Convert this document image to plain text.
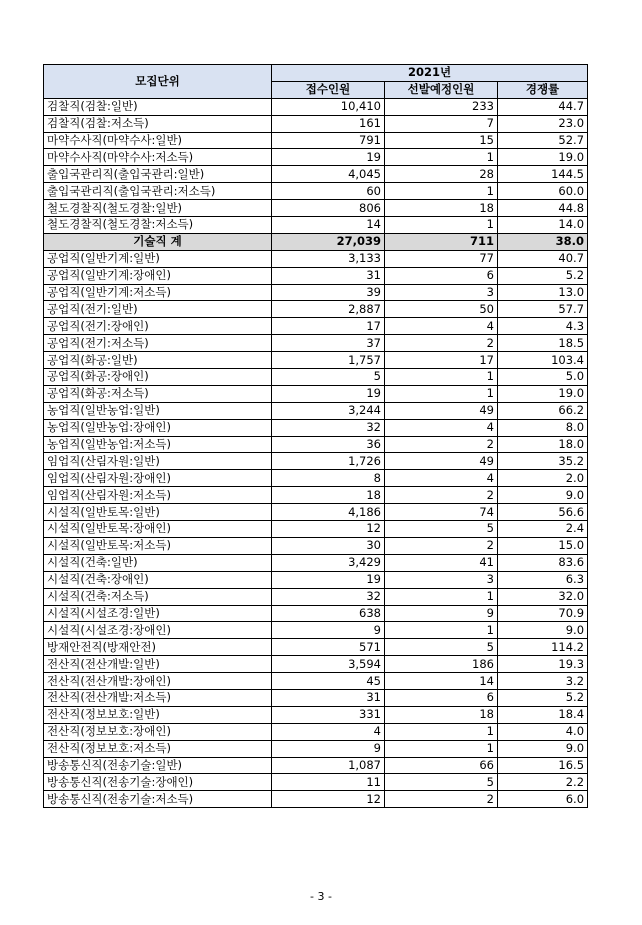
모집단위	2021년		
	접수인원	선발예정인원	경쟁률
검찰직(검찰:일반)	10,410	233	44.7
검찰직(검찰:저소득)	161	7	23.0
마약수사직(마약수사:일반)	791	15	52.7
마약수사직(마약수사:저소득)	19	1	19.0
출입국관리직(출입국관리:일반)	4,045	28	144.5
출입국관리직(출입국관리:저소득)	60	1	60.0
철도경찰직(철도경찰:일반)	806	18	44.8
철도경찰직(철도경찰:저소득)	14	1	14.0
기술직 계	27,039	711	38.0
공업직(일반기계:일반)	3,133	77	40.7
공업직(일반기계:장애인)	31	6	5.2
공업직(일반기계:저소득)	39	3	13.0
공업직(전기:일반)	2,887	50	57.7
공업직(전기:장애인)	17	4	4.3
공업직(전기:저소득)	37	2	18.5
공업직(화공:일반)	1,757	17	103.4
공업직(화공:장애인)	5	1	5.0
공업직(화공:저소득)	19	1	19.0
농업직(일반농업:일반)	3,244	49	66.2
농업직(일반농업:장애인)	32	4	8.0
농업직(일반농업:저소득)	36	2	18.0
임업직(산림자원:일반)	1,726	49	35.2
임업직(산림자원:장애인)	8	4	2.0
임업직(산림자원:저소득)	18	2	9.0
시설직(일반토목:일반)	4,186	74	56.6
시설직(일반토목:장애인)	12	5	2.4
시설직(일반토목:저소득)	30	2	15.0
시설직(건축:일반)	3,429	41	83.6
시설직(건축:장애인)	19	3	6.3
시설직(건축:저소득)	32	1	32.0
시설직(시설조경:일반)	638	9	70.9
시설직(시설조경:장애인)	9	1	9.0
방재안전직(방재안전)	571	5	114.2
전산직(전산개발:일반)	3,594	186	19.3
전산직(전산개발:장애인)	45	14	3.2
전산직(전산개발:저소득)	31	6	5.2
전산직(정보보호:일반)	331	18	18.4
전산직(정보보호:장애인)	4	1	4.0
전산직(정보보호:저소득)	9	1	9.0
방송통신직(전송기술:일반)	1,087	66	16.5
방송통신직(전송기술:장애인)	11	5	2.2
방송통신직(전송기술:저소득)	12	2	6.0
- 3 -
